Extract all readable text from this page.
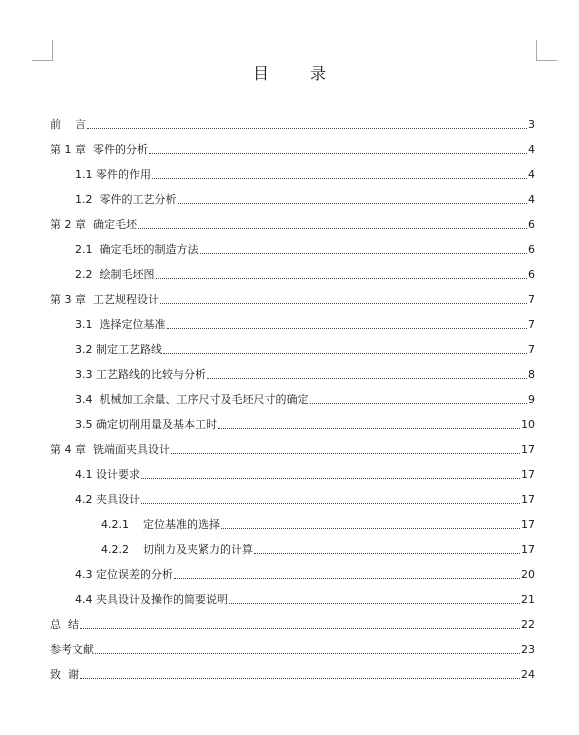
目 录
前    言	3
第 1 章  零件的分析	4
1.1 零件的作用	4
1.2  零件的工艺分析	4
第 2 章  确定毛坯	6
2.1  确定毛坯的制造方法	6
2.2  绘制毛坯图	6
第 3 章  工艺规程设计	7
3.1  选择定位基准	7
3.2 制定工艺路线	7
3.3 工艺路线的比较与分析	8
3.4  机械加工余量、工序尺寸及毛坯尺寸的确定	9
3.5 确定切削用量及基本工时	10
第 4 章  铣端面夹具设计	17
4.1 设计要求	17
4.2 夹具设计	17
4.2.1    定位基准的选择	17
4.2.2    切削力及夹紧力的计算	17
4.3 定位误差的分析	20
4.4 夹具设计及操作的简要说明	21
总  结	22
参考文献	23
致  谢	24
